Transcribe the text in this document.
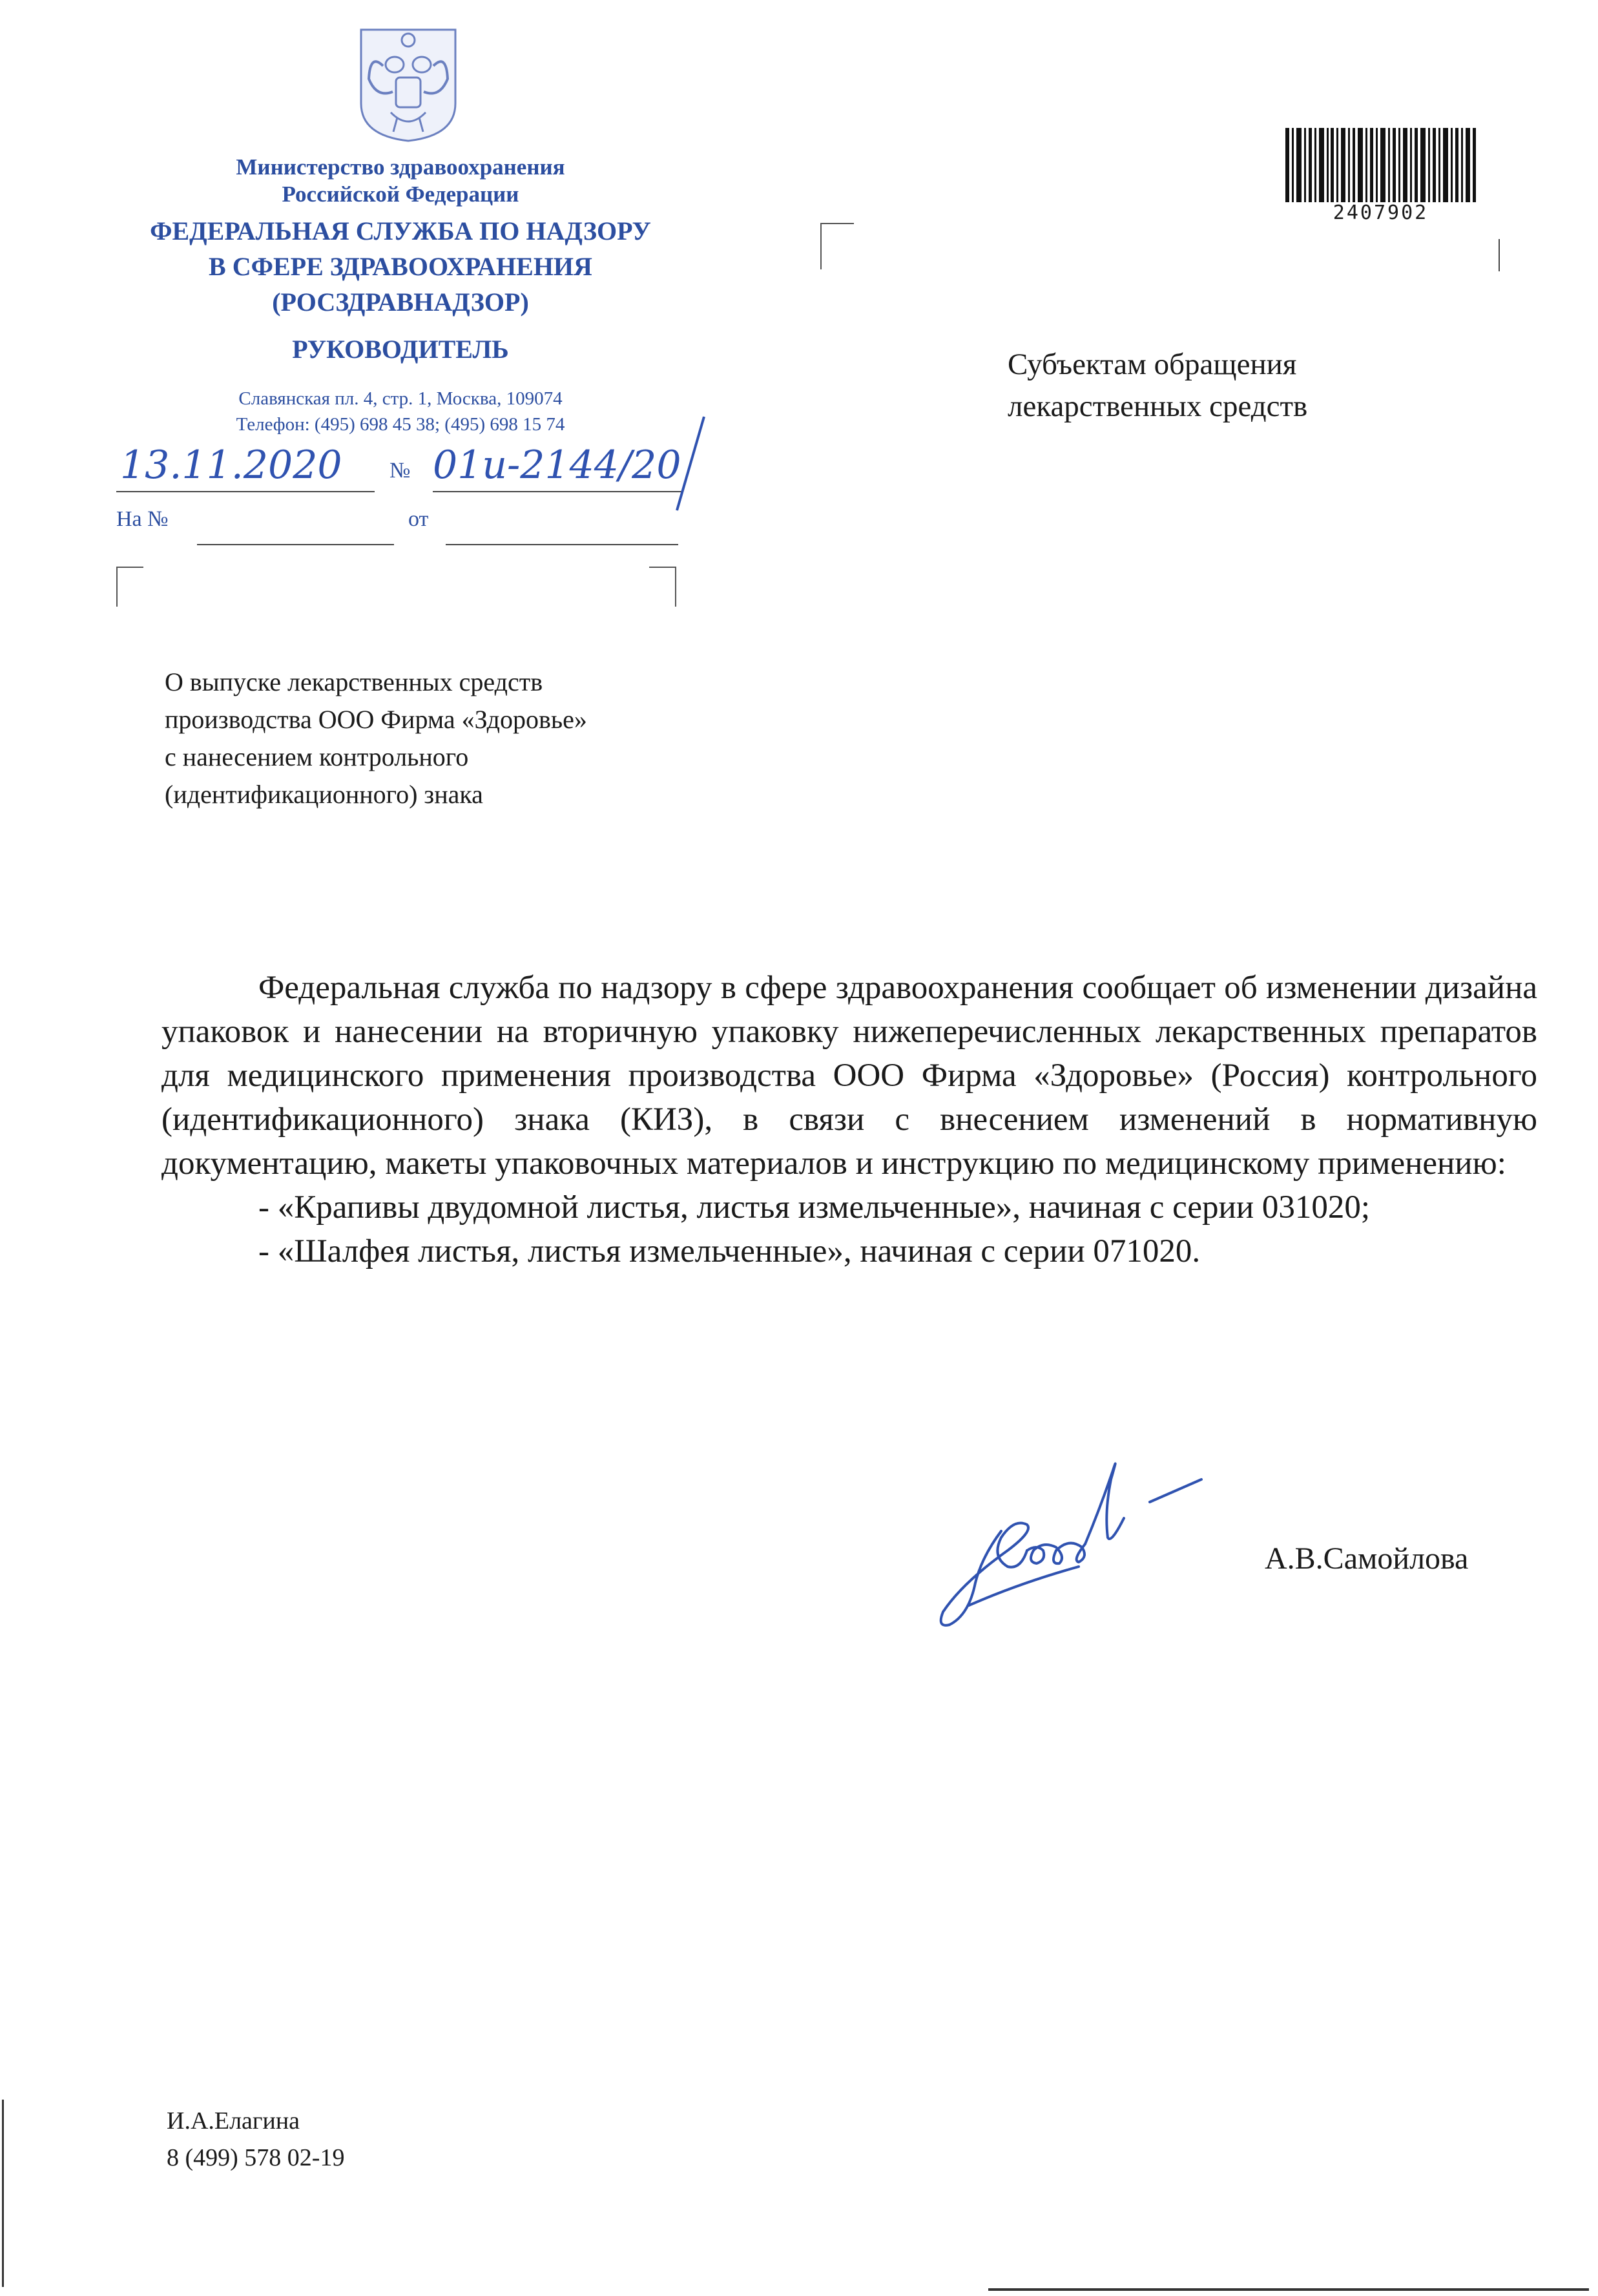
Министерство здравоохранения
Российской Федерации
ФЕДЕРАЛЬНАЯ СЛУЖБА ПО НАДЗОРУ
В СФЕРЕ ЗДРАВООХРАНЕНИЯ
(РОСЗДРАВНАДЗОР)
РУКОВОДИТЕЛЬ
Славянская пл. 4, стр. 1, Москва, 109074
Телефон: (495) 698 45 38; (495) 698 15 74
13.11.2020	№ 01и-2144/20
На №	от
2407902
Субъектам обращения
лекарственных средств
О выпуске лекарственных средств
производства ООО Фирма «Здоровье»
с нанесением контрольного
(идентификационного) знака

Федеральная служба по надзору в сфере здравоохранения сообщает об изменении дизайна упаковок и нанесении на вторичную упаковку нижеперечисленных лекарственных препаратов для медицинского применения производства ООО Фирма «Здоровье» (Россия) контрольного (идентификационного) знака (КИЗ), в связи с внесением изменений в нормативную документацию, макеты упаковочных материалов и инструкцию по медицинскому применению:

- «Крапивы двудомной листья, листья измельченные», начиная с серии 031020;

- «Шалфея листья, листья измельченные», начиная с серии 071020.

А.В.Самойлова
И.А.Елагина
8 (499) 578 02-19
